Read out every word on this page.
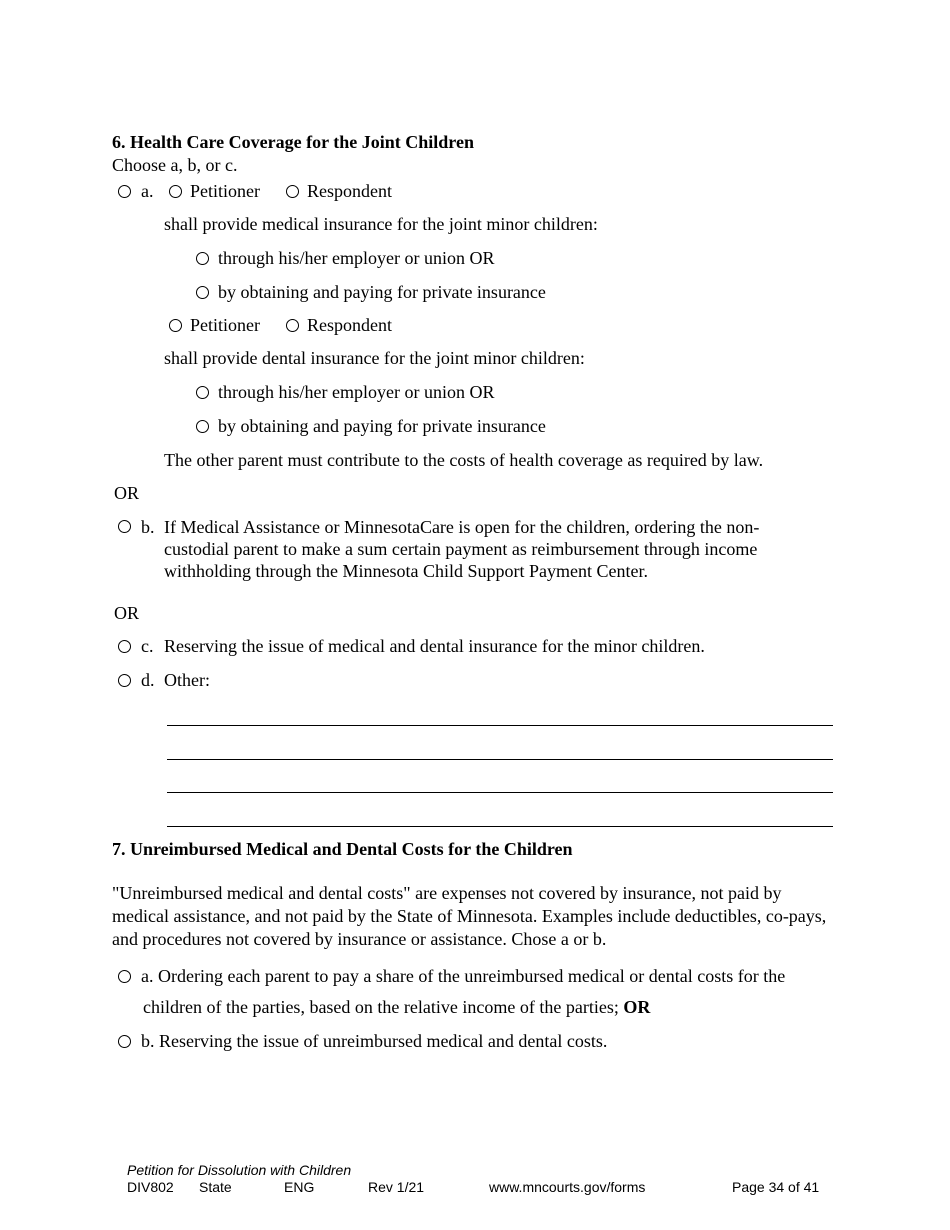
6. Health Care Coverage for the Joint Children
Choose a, b, or c.
a. Petitioner	Respondent
shall provide medical insurance for the joint minor children:
through his/her employer or union OR
by obtaining and paying for private insurance
Petitioner	Respondent
shall provide dental insurance for the joint minor children:
through his/her employer or union OR
by obtaining and paying for private insurance
The other parent must contribute to the costs of health coverage as required by law.
OR
b. If Medical Assistance or MinnesotaCare is open for the children, ordering the non-custodial parent to make a sum certain payment as reimbursement through income withholding through the Minnesota Child Support Payment Center.
OR
c. Reserving the issue of medical and dental insurance for the minor children.
d. Other:
7. Unreimbursed Medical and Dental Costs for the Children
"Unreimbursed medical and dental costs" are expenses not covered by insurance, not paid by medical assistance, and not paid by the State of Minnesota. Examples include deductibles, co-pays, and procedures not covered by insurance or assistance. Chose a or b.
a. Ordering each parent to pay a share of the unreimbursed medical or dental costs for the
children of the parties, based on the relative income of the parties; OR
b. Reserving the issue of unreimbursed medical and dental costs.
Petition for Dissolution with Children
DIV802 State	ENG	Rev 1/21	www.mncourts.gov/forms	Page 34 of 41
